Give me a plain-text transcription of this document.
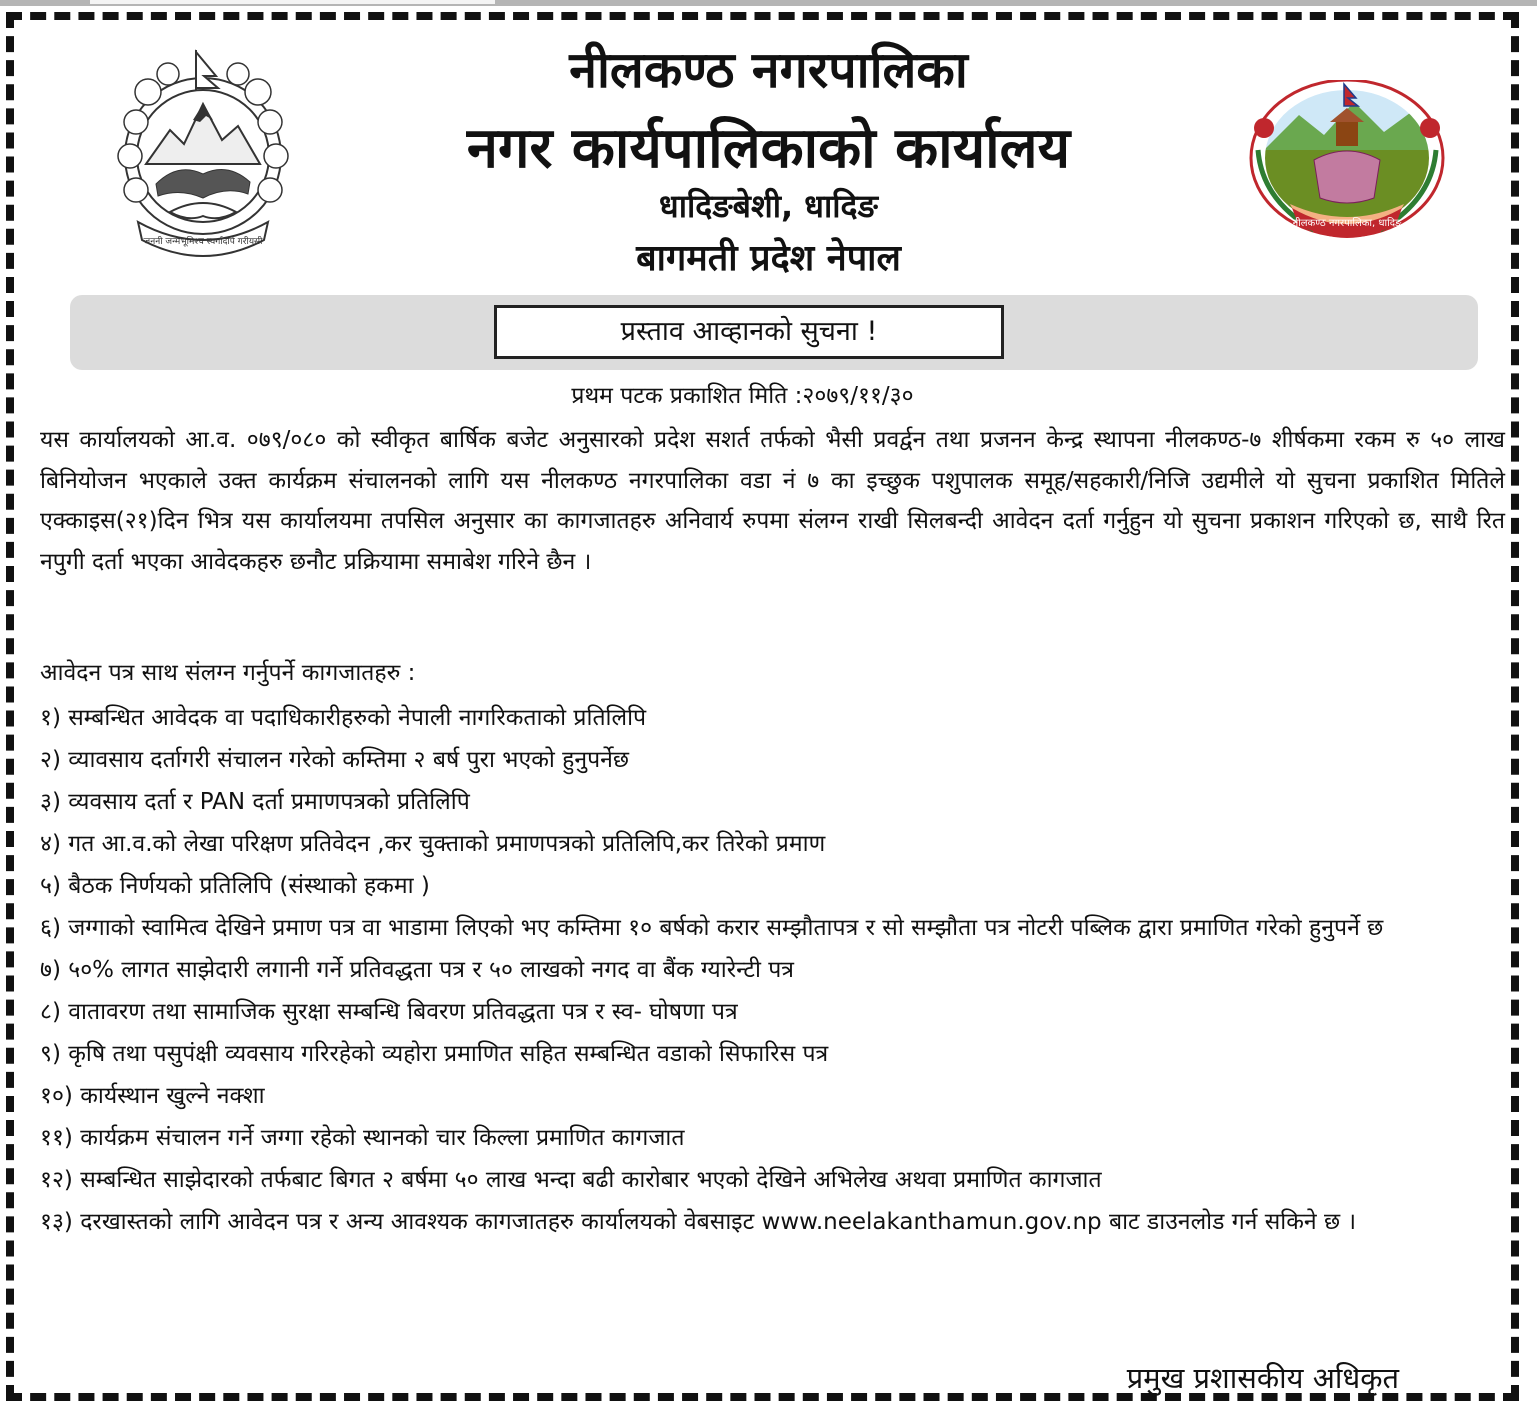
नीलकण्ठ नगरपालिका
नगर कार्यपालिकाको कार्यालय
धादिङबेशी, धादिङ
बागमती प्रदेश नेपाल
जननी जन्मभूमिश्च स्वर्गादपि गरीयसी
नीलकण्ठ नगरपालिका, धादिङ
प्रस्ताव आव्हानको सुचना !
प्रथम पटक प्रकाशित मिति :२०७९/११/३०
यस कार्यालयको आ.व. ०७९/०८० को स्वीकृत बार्षिक बजेट अनुसारको प्रदेश सशर्त तर्फको भैसी प्रवर्द्वन तथा प्रजनन केन्द्र स्थापना नीलकण्ठ-७ शीर्षकमा रकम रु ५० लाख बिनियोजन भएकाले उक्त कार्यक्रम संचालनको लागि यस नीलकण्ठ नगरपालिका वडा नं ७ का इच्छुक पशुपालक समूह/सहकारी/निजि उद्यमीले यो सुचना प्रकाशित मितिले एक्काइस(२१)दिन भित्र यस कार्यालयमा तपसिल अनुसार का कागजातहरु अनिवार्य रुपमा संलग्न राखी सिलबन्दी आवेदन दर्ता गर्नुहुन यो सुचना प्रकाशन गरिएको छ, साथै रित नपुगी दर्ता भएका आवेदकहरु छनौट प्रक्रियामा समाबेश गरिने छैन ।
आवेदन पत्र साथ संलग्न गर्नुपर्ने कागजातहरु :
१) सम्बन्धित आवेदक वा पदाधिकारीहरुको नेपाली नागरिकताको प्रतिलिपि
२) व्यावसाय दर्तागरी संचालन गरेको कम्तिमा २ बर्ष पुरा भएको हुनुपर्नेछ
३) व्यवसाय दर्ता र PAN दर्ता प्रमाणपत्रको प्रतिलिपि
४) गत आ.व.को लेखा परिक्षण प्रतिवेदन ,कर चुक्ताको प्रमाणपत्रको प्रतिलिपि,कर तिरेको प्रमाण
५) बैठक निर्णयको प्रतिलिपि (संस्थाको हकमा )
६) जग्गाको स्वामित्व देखिने प्रमाण पत्र वा भाडामा लिएको भए कम्तिमा १० बर्षको करार सम्झौतापत्र र सो सम्झौता पत्र नोटरी पब्लिक द्वारा प्रमाणित गरेको हुनुपर्ने छ
७) ५०% लागत साझेदारी लगानी गर्ने प्रतिवद्धता पत्र र ५० लाखको नगद वा बैंक ग्यारेन्टी पत्र
८) वातावरण तथा सामाजिक सुरक्षा सम्बन्धि बिवरण प्रतिवद्धता पत्र र स्व- घोषणा पत्र
९) कृषि तथा पसुपंक्षी व्यवसाय गरिरहेको व्यहोरा प्रमाणित सहित सम्बन्धित वडाको सिफारिस पत्र
१०) कार्यस्थान खुल्ने नक्शा
११) कार्यक्रम संचालन गर्ने जग्गा रहेको स्थानको चार किल्ला प्रमाणित कागजात
१२) सम्बन्धित साझेदारको तर्फबाट बिगत २ बर्षमा ५० लाख भन्दा बढी कारोबार भएको देखिने अभिलेख अथवा प्रमाणित कागजात
१३) दरखास्तको लागि आवेदन पत्र र अन्य आवश्यक कागजातहरु कार्यालयको वेबसाइट www.neelakanthamun.gov.np बाट डाउनलोड गर्न सकिने छ ।
प्रमुख प्रशासकीय अधिकृत
